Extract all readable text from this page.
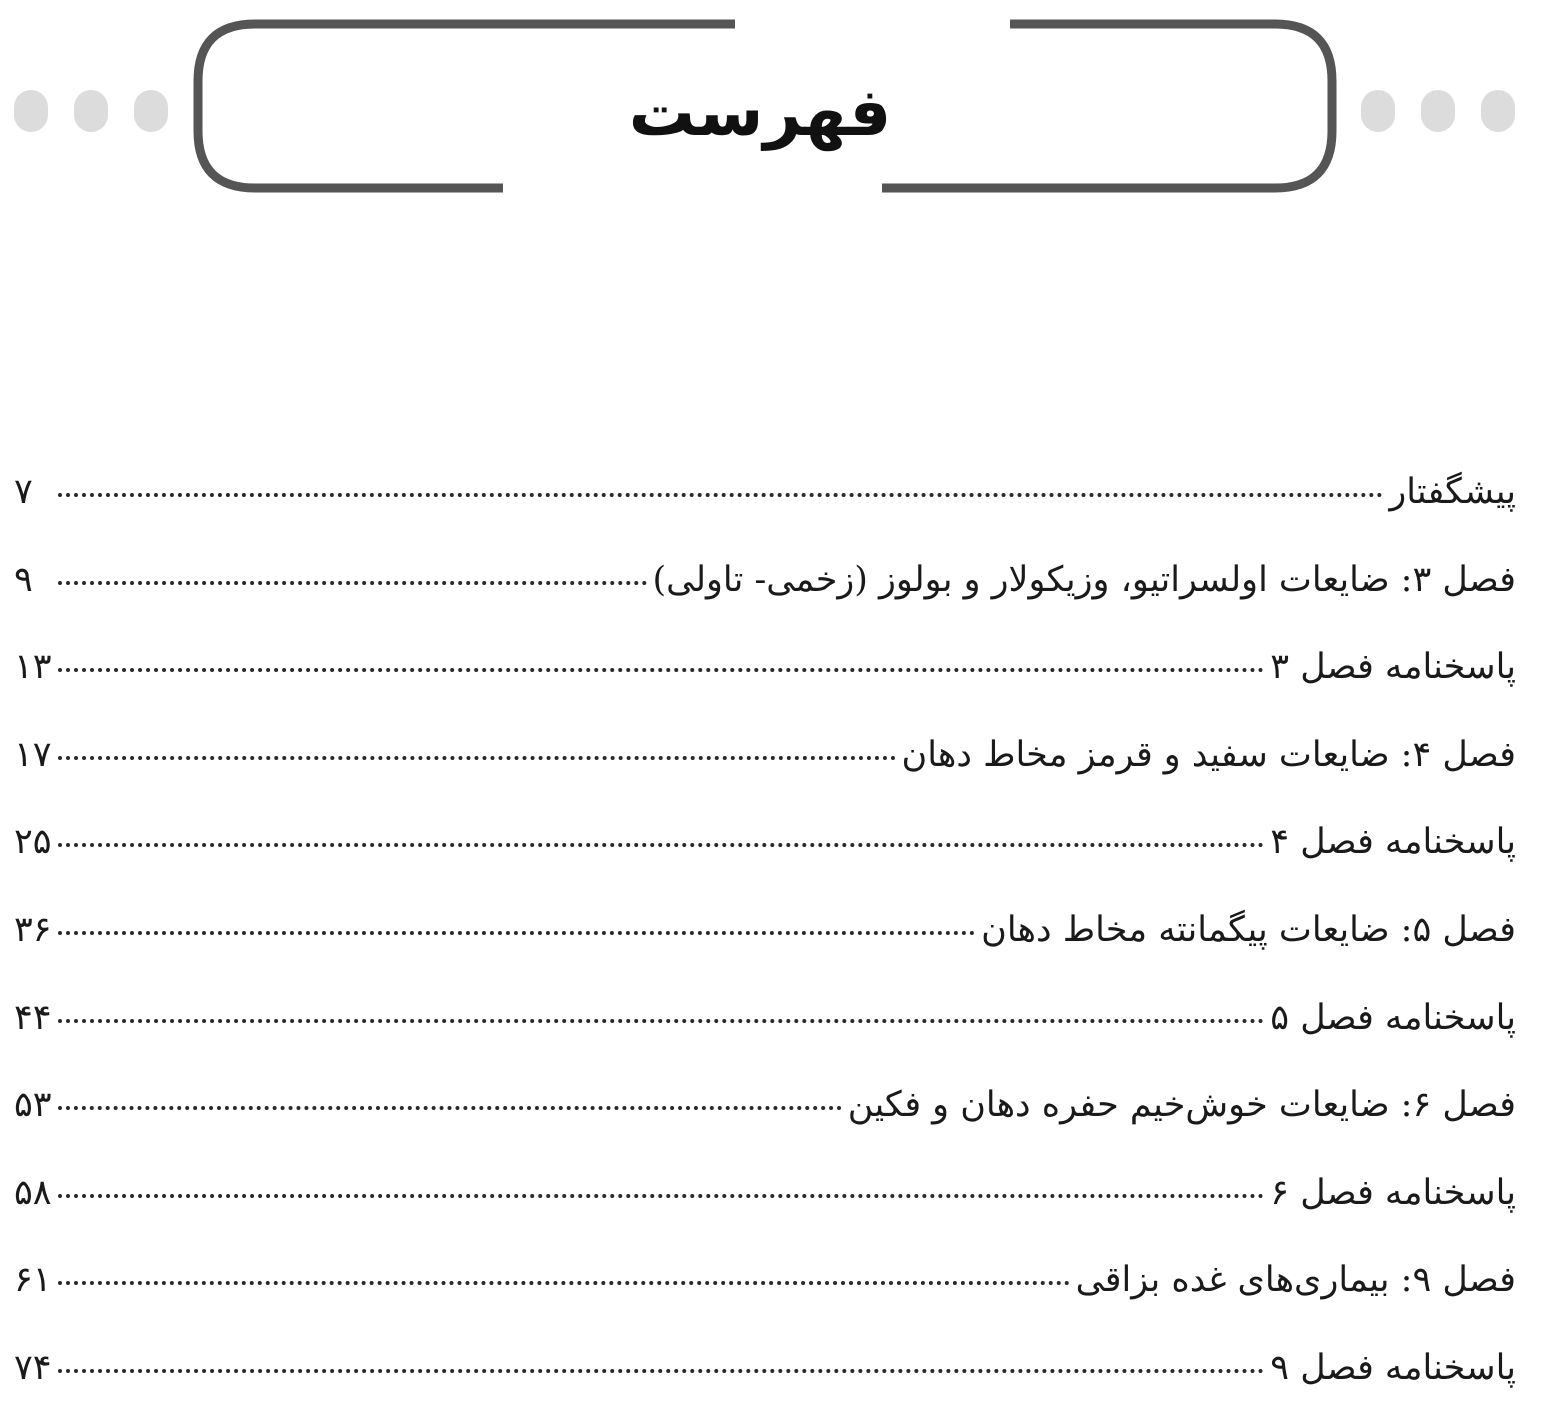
فهرست
پیشگفتار
۷
فصل ۳: ضایعات اولسراتیو، وزیکولار و بولوز (زخمی- تاولی)
۹
پاسخنامه فصل ۳
۱۳
فصل ۴: ضایعات سفید و قرمز مخاط دهان
۱۷
پاسخنامه فصل ۴
۲۵
فصل ۵: ضایعات پیگمانته مخاط دهان
۳۶
پاسخنامه فصل ۵
۴۴
فصل ۶: ضایعات خوش‌خیم حفره دهان و فکین
۵۳
پاسخنامه فصل ۶
۵۸
فصل ۹: بیماری‌های غده بزاقی
۶۱
پاسخنامه فصل ۹
۷۴
